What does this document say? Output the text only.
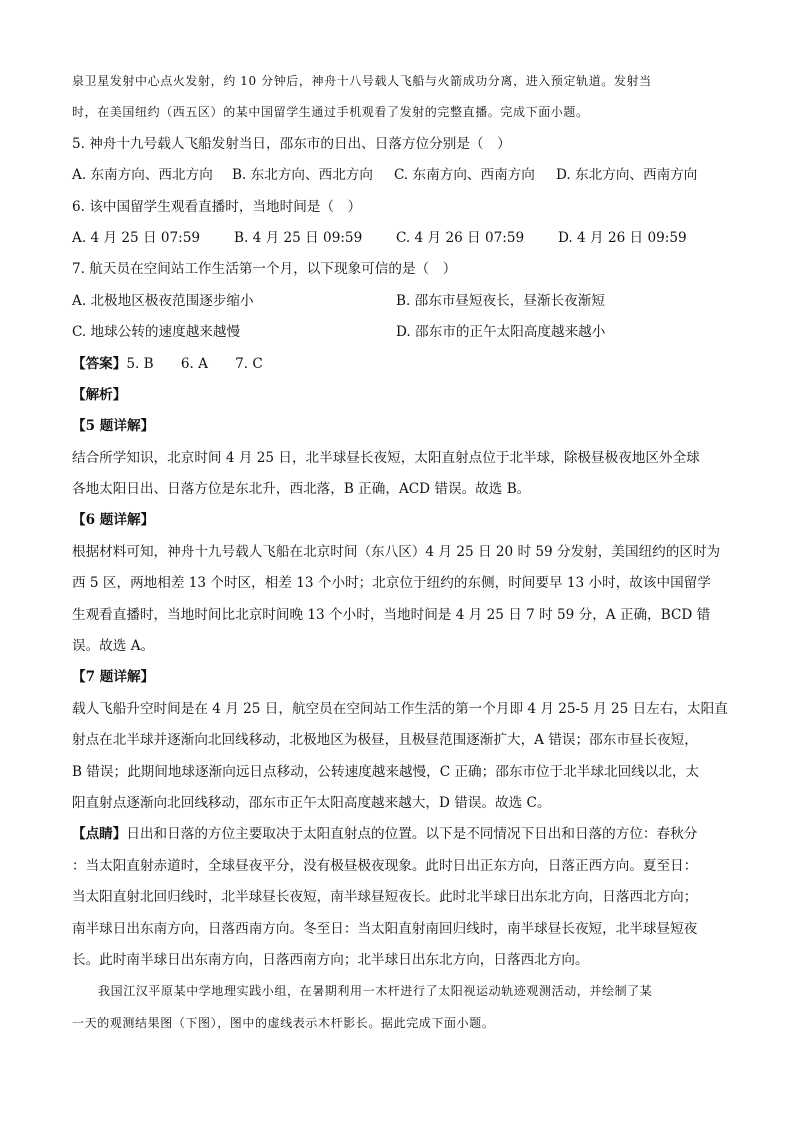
泉卫星发射中心点火发射，约 10 分钟后，神舟十八号载人飞船与火箭成功分离，进入预定轨道。发射当
时，在美国纽约（西五区）的某中国留学生通过手机观看了发射的完整直播。完成下面小题。
5. 神舟十九号载人飞船发射当日，邵东市的日出、日落方位分别是（　）
A. 东南方向、西北方向	B. 东北方向、西北方向	C. 东南方向、西南方向	D. 东北方向、西南方向
6. 该中国留学生观看直播时，当地时间是（　）
A. 4 月 25 日 07:59	B. 4 月 25 日 09:59	C. 4 月 26 日 07:59	D. 4 月 26 日 09:59
7. 航天员在空间站工作生活第一个月，以下现象可信的是（　）
A. 北极地区极夜范围逐步缩小	B. 邵东市昼短夜长，昼渐长夜渐短
C. 地球公转的速度越来越慢	D. 邵东市的正午太阳高度越来越小
【答案】5. B　　6. A　　7. C
【解析】
【5 题详解】
结合所学知识，北京时间 4 月 25 日，北半球昼长夜短，太阳直射点位于北半球，除极昼极夜地区外全球
各地太阳日出、日落方位是东北升，西北落，B 正确，ACD 错误。故选 B。
【6 题详解】
根据材料可知，神舟十九号载人飞船在北京时间（东八区）4 月 25 日 20 时 59 分发射，美国纽约的区时为
西 5 区，两地相差 13 个时区，相差 13 个小时；北京位于纽约的东侧，时间要早 13 小时，故该中国留学
生观看直播时，当地时间比北京时间晚 13 个小时，当地时间是 4 月 25 日 7 时 59 分，A 正确，BCD 错
误。故选 A。
【7 题详解】
载人飞船升空时间是在 4 月 25 日，航空员在空间站工作生活的第一个月即 4 月 25-5 月 25 日左右，太阳直
射点在北半球并逐渐向北回线移动，北极地区为极昼，且极昼范围逐渐扩大，A 错误；邵东市昼长夜短，
B 错误；此期间地球逐渐向远日点移动，公转速度越来越慢，C 正确；邵东市位于北半球北回线以北，太
阳直射点逐渐向北回线移动，邵东市正午太阳高度越来越大，D 错误。故选 C。
【点睛】日出和日落的方位主要取决于太阳直射点的位置。以下是不同情况下日出和日落的方位：春秋分
：当太阳直射赤道时，全球昼夜平分，没有极昼极夜现象。此时日出正东方向，日落正西方向。夏至日：
当太阳直射北回归线时，北半球昼长夜短，南半球昼短夜长。此时北半球日出东北方向，日落西北方向；
南半球日出东南方向，日落西南方向。冬至日：当太阳直射南回归线时，南半球昼长夜短，北半球昼短夜
长。此时南半球日出东南方向，日落西南方向；北半球日出东北方向，日落西北方向。
我国江汉平原某中学地理实践小组，在暑期利用一木杆进行了太阳视运动轨迹观测活动，并绘制了某
一天的观测结果图（下图），图中的虚线表示木杆影长。据此完成下面小题。
